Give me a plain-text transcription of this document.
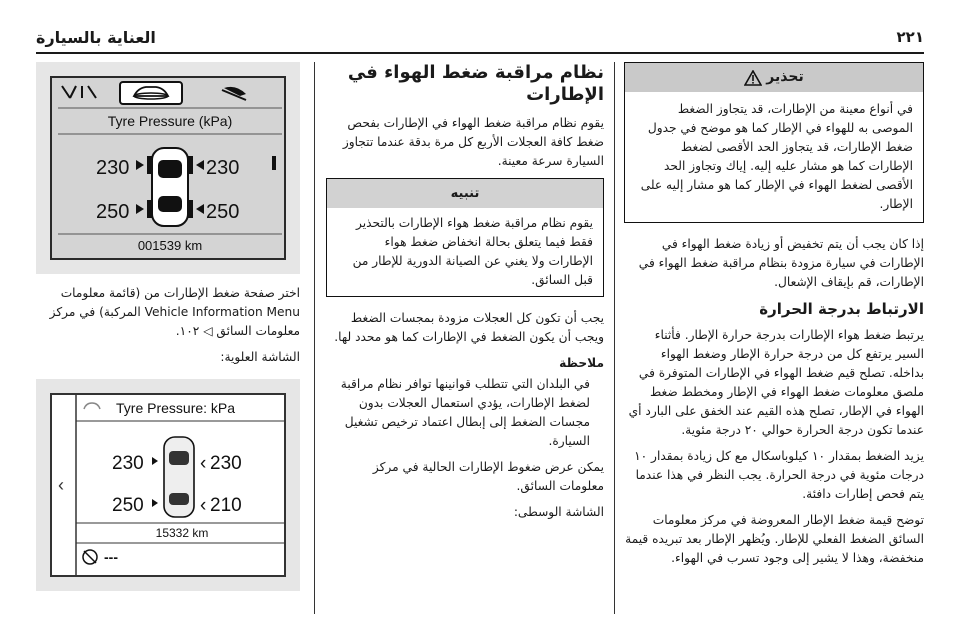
٢٢١
العناية بالسيارة
تحذير
في أنواع معينة من الإطارات، قد يتجاوز الضغط الموصى به للهواء في الإطار كما هو موضح في جدول ضغط الإطارات، قد يتجاوز الحد الأقصى لضغط الإطارات كما هو مشار عليه إليه. إياك وتجاوز الحد الأقصى لضغط الهواء في الإطار كما هو مشار إليه على الإطار.

إذا كان يجب أن يتم تخفيض أو زيادة ضغط الهواء في الإطارات في سيارة مزودة بنظام مراقبة ضغط الهواء في الإطارات، قم بإيقاف الإشعال.

الارتباط بدرجة الحرارة

يرتبط ضغط هواء الإطارات بدرجة حرارة الإطار. فأثناء السير يرتفع كل من درجة حرارة الإطار وضغط الهواء بداخله. تصلح قيم ضغط الهواء في الإطارات المتوفرة في ملصق معلومات ضغط الهواء في الإطار ومخطط ضغط الهواء في الإطار، تصلح هذه القيم عند الخفق على البارد أي عندما تكون درجة الحرارة حوالي ٢٠ درجة مئوية.

يزيد الضغط بمقدار ١٠ كيلوباسكال مع كل زيادة بمقدار ١٠ درجات مئوية في درجة الحرارة. يجب النظر في هذا عندما يتم فحص إطارات دافئة.

توضح قيمة ضغط الإطار المعروضة في مركز معلومات السائق الضغط الفعلي للإطار. ويُظهر الإطار بعد تبريده قيمة منخفضة، وهذا لا يشير إلى وجود تسرب في الهواء.

نظام مراقبة ضغط الهواء في الإطارات

يقوم نظام مراقبة ضغط الهواء في الإطارات بفحص ضغط كافة العجلات الأربع كل مرة بدقة عندما تتجاوز السيارة سرعة معينة.

تنبيه
يقوم نظام مراقبة ضغط هواء الإطارات بالتحذير فقط فيما يتعلق بحالة انخفاض ضغط هواء الإطارات ولا يغني عن الصيانة الدورية للإطار من قبل السائق.

يجب أن تكون كل العجلات مزودة بمجسات الضغط ويجب أن يكون الضغط في الإطارات كما هو محدد لها.

ملاحظة

في البلدان التي تتطلب قوانينها توافر نظام مراقبة لضغط الإطارات، يؤدي استعمال العجلات بدون مجسات الضغط إلى إبطال اعتماد ترخيص تشغيل السيارة.

يمكن عرض ضغوط الإطارات الحالية في مركز معلومات السائق.

الشاشة الوسطى:

Tyre Pressure (kPa)
230	230
250	250
001539 km

اختر صفحة ضغط الإطارات من (قائمة معلومات Vehicle Information Menu المركبة) في مركز معلومات السائق ◁ ١٠٢.

الشاشة العلوية:

‹
Tyre Pressure: kPa
230	‹ 230
250	‹ 210
15332 km
---
